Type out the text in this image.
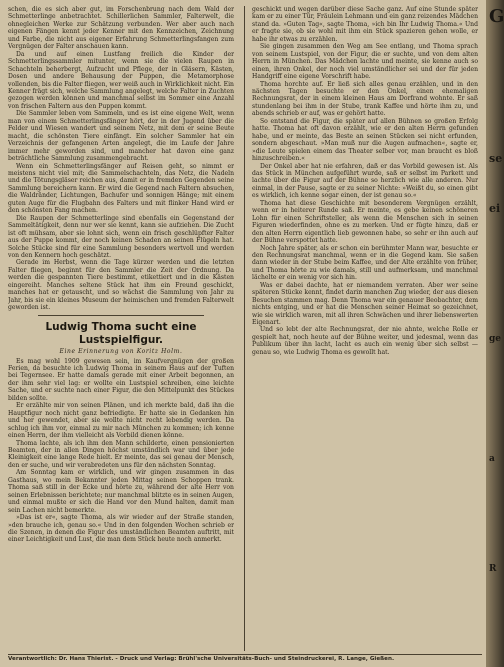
schen, die es sich aber gut, im Forschenbrung nach dem Wald der Schmetterlinge anbetrachtet. Schillerlichen Sammler, Falterwelt, die ohnegleichen Werke zur Schätzung verbunden. Wer aber auch nach eigenen Fängen kennt jeder Kenner mit den Kennzeichen, Zeichnung und Farbe, die nicht aus eigener Erfahrung Schmetterlingsfangen zum Vergnügen der Falter anschauen kann.

Da und auf einen Lustfang freilich die Kinder der Schmetterlingssammler mitunter, wenn sie die vielen Raupen in Schachteln beherbergt, Aufzucht und Pflege, der in Gläsern, Kästen, Dosen und andere Behausung der Puppen, die Metamorphose vollenden, bis die Falter fliegen, wer weiß auch in Wirklichkeit nicht. Ein Kenner frägt sich, welche Sammlung angelegt, welche Falter in Zuchten gezogen werden können und manchmal selbst im Sommer eine Anzahl von frischen Faltern aus den Puppen kommt.

Die Sammler leben vom Sammeln, und es ist eine eigene Welt, wenn man von einem Schmetterlingsfänger hört, der in der Jugend über die Felder und Wiesen wandert und seinem Netz, mit dem er seine Beute macht, die schönsten Tiere einfängt. Ein solcher Sammler hat ein Verzeichnis der gefangenen Arten angelegt, die im Laufe der Jahre immer mehr geworden sind, und mancher hat davon eine ganz beträchtliche Sammlung zusammengebracht.

Wenn ein Schmetterlingsfänger auf Reisen geht, so nimmt er meistens nicht viel mit; die Sammelschachteln, das Netz, die Nadeln und die Tötungsgläser reichen aus, damit er in fremden Gegenden seine Sammlung bereichern kann. Er wird die Gegend nach Faltern absuchen, die Waldränder, Lichtungen, Bachufer und sonnigen Hänge; mit einem guten Auge für die Flugbahn des Falters und mit flinker Hand wird er den schönsten Fang machen.

Die Raupen der Schmetterlinge sind ebenfalls ein Gegenstand der Sammeltätigkeit, denn nur wer sie kennt, kann sie aufziehen. Die Zucht ist oft mühsam, aber sie lohnt sich, wenn ein frisch geschlüpfter Falter aus der Puppe kommt, der noch keinen Schaden an seinen Flügeln hat. Solche Stücke sind für eine Sammlung besonders wertvoll und werden von den Kennern hoch geschätzt.

Gerade im Herbst, wenn die Tage kürzer werden und die letzten Falter fliegen, beginnt für den Sammler die Zeit der Ordnung. Da werden die gespannten Tiere bestimmt, etikettiert und in die Kästen eingereiht. Manches seltene Stück hat ihm ein Freund geschickt, manches hat er getauscht, und so wächst die Sammlung von Jahr zu Jahr, bis sie ein kleines Museum der heimischen und fremden Falterwelt geworden ist.

Ludwig Thoma sucht eine Lustspielfigur.
Eine Erinnerung von Koritz Holm.

Es mag wohl 1909 gewesen sein, im Kaufvergnügen der großen Ferien, da besuchte ich Ludwig Thoma in seinem Haus auf der Tuften bei Tegernsee. Er hatte damals gerade mit einer Arbeit begonnen, an der ihm sehr viel lag: er wollte ein Lustspiel schreiben, eine leichte Sache, und er suchte nach einer Figur, die den Mittelpunkt des Stückes bilden sollte.

Er erzählte mir von seinen Plänen, und ich merkte bald, daß ihn die Hauptfigur noch nicht ganz befriedigte. Er hatte sie in Gedanken hin und her gewendet, aber sie wollte nicht recht lebendig werden. Da schlug ich ihm vor, einmal zu mir nach München zu kommen; ich kenne einen Herrn, der ihm vielleicht als Vorbild dienen könne.

Thoma lachte, als ich ihm den Mann schilderte, einen pensionierten Beamten, der in allen Dingen höchst umständlich war und über jede Kleinigkeit eine lange Rede hielt. Er meinte, das sei genau der Mensch, den er suche, und wir verabredeten uns für den nächsten Sonntag.

Am Sonntag kam er wirklich, und wir gingen zusammen in das Gasthaus, wo mein Bekannter jeden Mittag seinen Schoppen trank. Thoma saß still in der Ecke und hörte zu, während der alte Herr von seinen Erlebnissen berichtete; nur manchmal blitzte es in seinen Augen, und einmal mußte er sich die Hand vor den Mund halten, damit man sein Lachen nicht bemerkte.

»Das ist er«, sagte Thoma, als wir wieder auf der Straße standen, »den brauche ich, genau so.« Und in den folgenden Wochen schrieb er die Szenen, in denen die Figur des umständlichen Beamten auftritt, mit einer Leichtigkeit und Lust, die man dem Stück heute noch anmerkt.

geschickt und wegen darüber diese Sache ganz. Auf eine Stunde später kam er zu einer Tür, Fräulein Lehmann und ein ganz reizendes Mädchen stand da. »Guten Tag«, sagte Thoma, »ich bin Ihr Ludwig Thoma.« Und er fragte sie, ob sie wohl mit ihm ein Stück spazieren gehen wolle, er habe ihr etwas zu erzählen.

Sie gingen zusammen den Weg am See entlang, und Thoma sprach von seinem Lustspiel, von der Figur, die er suchte, und von dem alten Herrn in München. Das Mädchen lachte und meinte, sie kenne auch so einen, ihren Onkel, der noch viel umständlicher sei und der für jeden Handgriff eine eigene Vorschrift habe.

Thoma horchte auf. Er ließ sich alles genau erzählen, und in den nächsten Tagen besuchte er den Onkel, einen ehemaligen Rechnungsrat, der in einem kleinen Haus am Dorfrand wohnte. Er saß stundenlang bei ihm in der Stube, trank Kaffee und hörte ihm zu, und abends schrieb er auf, was er gehört hatte.

So entstand die Figur, die später auf allen Bühnen so großen Erfolg hatte. Thoma hat oft davon erzählt, wie er den alten Herrn gefunden habe, und er meinte, das Beste an seinen Stücken sei nicht erfunden, sondern abgeschaut. »Man muß nur die Augen aufmachen«, sagte er, »die Leute spielen einem das Theater selber vor, man braucht es bloß hinzuschreiben.«

Der Onkel aber hat nie erfahren, daß er das Vorbild gewesen ist. Als das Stück in München aufgeführt wurde, saß er selbst im Parkett und lachte über die Figur auf der Bühne so herzlich wie alle anderen. Nur einmal, in der Pause, sagte er zu seiner Nichte: »Weißt du, so einen gibt es wirklich, ich kenne sogar einen, der ist genau so.«

Thoma hat diese Geschichte mit besonderem Vergnügen erzählt, wenn er in heiterer Runde saß. Er meinte, es gebe keinen schöneren Lohn für einen Schriftsteller, als wenn die Menschen sich in seinen Figuren wiederfinden, ohne es zu merken. Und er fügte hinzu, daß er den alten Herrn eigentlich lieb gewonnen habe, so sehr er ihn auch auf der Bühne verspottet hatte.

Noch Jahre später, als er schon ein berühmter Mann war, besuchte er den Rechnungsrat manchmal, wenn er in die Gegend kam. Sie saßen dann wieder in der Stube beim Kaffee, und der Alte erzählte von früher, und Thoma hörte zu wie damals, still und aufmerksam, und manchmal lächelte er ein wenig vor sich hin.

Was er dabei dachte, hat er niemandem verraten. Aber wer seine späteren Stücke kennt, findet darin manchen Zug wieder, der aus diesen Besuchen stammen mag. Denn Thoma war ein genauer Beobachter, dem nichts entging, und er hat die Menschen seiner Heimat so gezeichnet, wie sie wirklich waren, mit all ihren Schwächen und ihrer liebenswerten Eigenart.

Und so lebt der alte Rechnungsrat, der nie ahnte, welche Rolle er gespielt hat, noch heute auf der Bühne weiter, und jedesmal, wenn das Publikum über ihn lacht, lacht es auch ein wenig über sich selbst — genau so, wie Ludwig Thoma es gewollt hat.

Verantwortlich: Dr. Hans Thierist. - Druck und Verlag: Brühl'sche Universitäts-Buch- und Steindruckerei, R. Lange, Gießen.
G
se
ei
ge
a
R
